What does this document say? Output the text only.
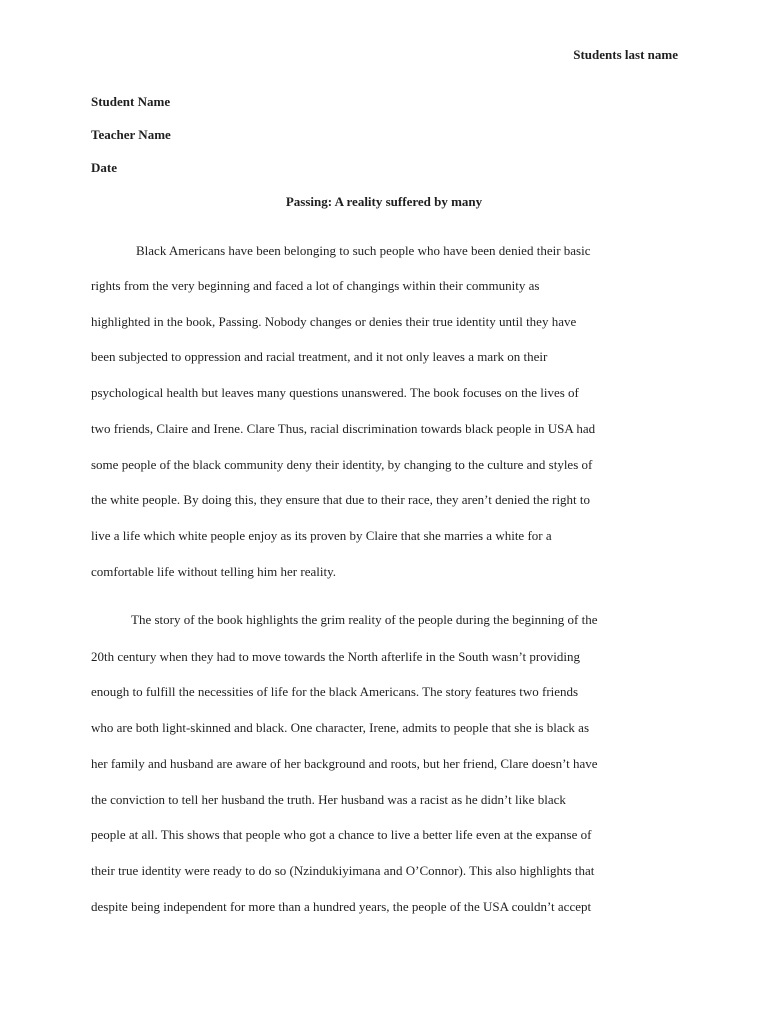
Students last name
Student Name
Teacher Name
Date
Passing: A reality suffered by many
Black Americans have been belonging to such people who have been denied their basic
rights from the very beginning and faced a lot of changings within their community as
highlighted in the book, Passing. Nobody changes or denies their true identity until they have
been subjected to oppression and racial treatment, and it not only leaves a mark on their
psychological health but leaves many questions unanswered. The book focuses on the lives of
two friends, Claire and Irene. Clare Thus, racial discrimination towards black people in USA had
some people of the black community deny their identity, by changing to the culture and styles of
the white people. By doing this, they ensure that due to their race, they aren’t denied the right to
live a life which white people enjoy as its proven by Claire that she marries a white for a
comfortable life without telling him her reality.
The story of the book highlights the grim reality of the people during the beginning of the
20th century when they had to move towards the North afterlife in the South wasn’t providing
enough to fulfill the necessities of life for the black Americans. The story features two friends
who are both light-skinned and black. One character, Irene, admits to people that she is black as
her family and husband are aware of her background and roots, but her friend, Clare doesn’t have
the conviction to tell her husband the truth. Her husband was a racist as he didn’t like black
people at all. This shows that people who got a chance to live a better life even at the expanse of
their true identity were ready to do so (Nzindukiyimana and O’Connor). This also highlights that
despite being independent for more than a hundred years, the people of the USA couldn’t accept
